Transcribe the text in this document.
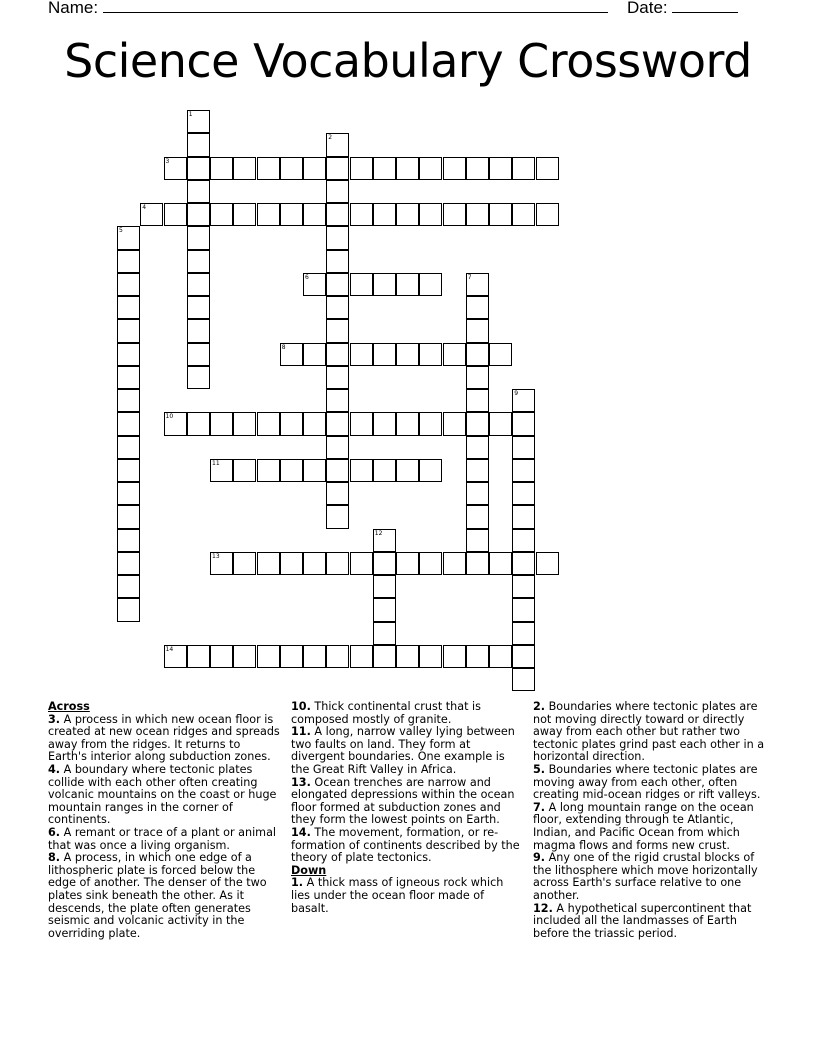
Name:	Date:
Science Vocabulary Crossword
1
2
3
4
5
6	7
8
9
10
11
12
13
14
Across
3. A process in which new ocean floor is created at new ocean ridges and spreads away from the ridges. It returns to Earth's interior along subduction zones.
4. A boundary where tectonic plates collide with each other often creating volcanic mountains on the coast or huge mountain ranges in the corner of continents.
6. A remant or trace of a plant or animal that was once a living organism.
8. A process, in which one edge of a lithospheric plate is forced below the edge of another. The denser of the two plates sink beneath the other. As it descends, the plate often generates seismic and volcanic activity in the overriding plate.
10. Thick continental crust that is composed mostly of granite.
11. A long, narrow valley lying between two faults on land. They form at divergent boundaries. One example is the Great Rift Valley in Africa.
13. Ocean trenches are narrow and elongated depressions within the ocean floor formed at subduction zones and they form the lowest points on Earth.
14. The movement, formation, or re-formation of continents described by the theory of plate tectonics.
Down
1. A thick mass of igneous rock which lies under the ocean floor made of basalt.
2. Boundaries where tectonic plates are not moving directly toward or directly away from each other but rather two tectonic plates grind past each other in a horizontal direction.
5. Boundaries where tectonic plates are moving away from each other, often creating mid-ocean ridges or rift valleys.
7. A long mountain range on the ocean floor, extending through te Atlantic, Indian, and Pacific Ocean from which magma flows and forms new crust.
9. Any one of the rigid crustal blocks of the lithosphere which move horizontally across Earth's surface relative to one another.
12. A hypothetical supercontinent that included all the landmasses of Earth before the triassic period.
